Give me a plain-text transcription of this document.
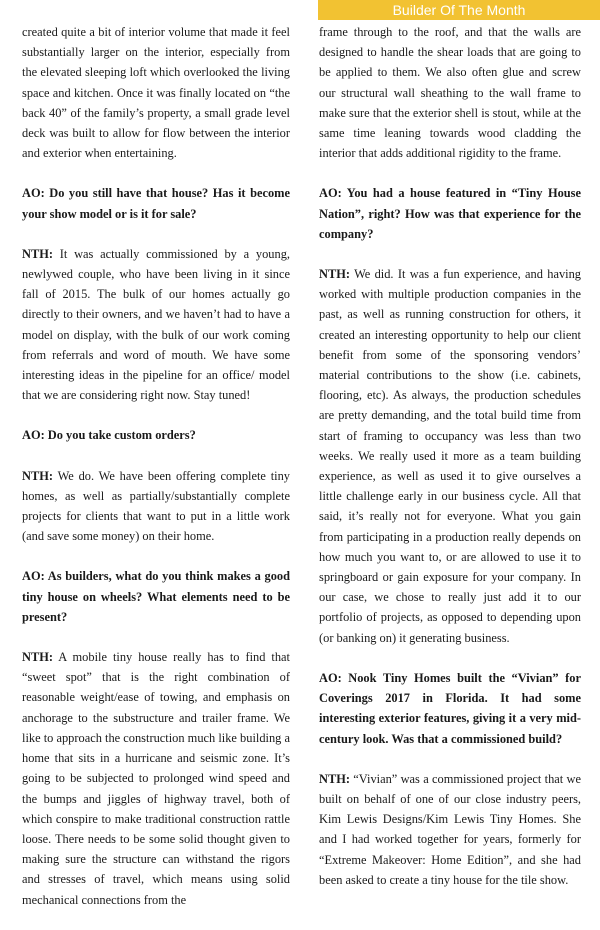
Builder Of The Month

created quite a bit of interior volume that made it feel substantially larger on the interior, especially from the elevated sleeping loft which overlooked the living space and kitchen. Once it was finally located on “the back 40” of the family’s property, a small grade level deck was built to allow for flow between the interior and exterior when entertaining.

AO: Do you still have that house? Has it become your show model or is it for sale?

NTH: It was actually commissioned by a young, newlywed couple, who have been living in it since fall of 2015. The bulk of our homes actually go directly to their owners, and we haven’t had to have a model on display, with the bulk of our work coming from referrals and word of mouth. We have some interesting ideas in the pipeline for an office/ model that we are considering right now. Stay tuned!

AO: Do you take custom orders?

NTH: We do. We have been offering complete tiny homes, as well as partially/substantially complete projects for clients that want to put in a little work (and save some money) on their home.

AO: As builders, what do you think makes a good tiny house on wheels? What elements need to be present?

NTH: A mobile tiny house really has to find that “sweet spot” that is the right combination of reasonable weight/ease of towing, and emphasis on anchorage to the substructure and trailer frame. We like to approach the construction much like building a home that sits in a hurricane and seismic zone. It’s going to be subjected to prolonged wind speed and the bumps and jiggles of highway travel, both of which conspire to make traditional construction rattle loose. There needs to be some solid thought given to making sure the structure can withstand the rigors and stresses of travel, which means using solid mechanical connections from the

frame through to the roof, and that the walls are designed to handle the shear loads that are going to be applied to them. We also often glue and screw our structural wall sheathing to the wall frame to make sure that the exterior shell is stout, while at the same time leaning towards wood cladding the interior that adds additional rigidity to the frame.

AO: You had a house featured in “Tiny House Nation”, right? How was that experience for the company?

NTH: We did. It was a fun experience, and having worked with multiple production companies in the past, as well as running construction for others, it created an interesting opportunity to help our client benefit from some of the sponsoring vendors’ material contributions to the show (i.e. cabinets, flooring, etc). As always, the production schedules are pretty demanding, and the total build time from start of framing to occupancy was less than two weeks. We really used it more as a team building experience, as well as used it to give ourselves a little challenge early in our business cycle. All that said, it’s really not for everyone. What you gain from participating in a production really depends on how much you want to, or are allowed to use it to springboard or gain exposure for your company. In our case, we chose to really just add it to our portfolio of projects, as opposed to depending upon (or banking on) it generating business.

AO: Nook Tiny Homes built the “Vivian” for Coverings 2017 in Florida. It had some interesting exterior features, giving it a very mid-century look. Was that a commissioned build?

NTH: “Vivian” was a commissioned project that we built on behalf of one of our close industry peers, Kim Lewis Designs/Kim Lewis Tiny Homes. She and I had worked together for years, formerly for “Extreme Makeover: Home Edition”, and she had been asked to create a tiny house for the tile show.
